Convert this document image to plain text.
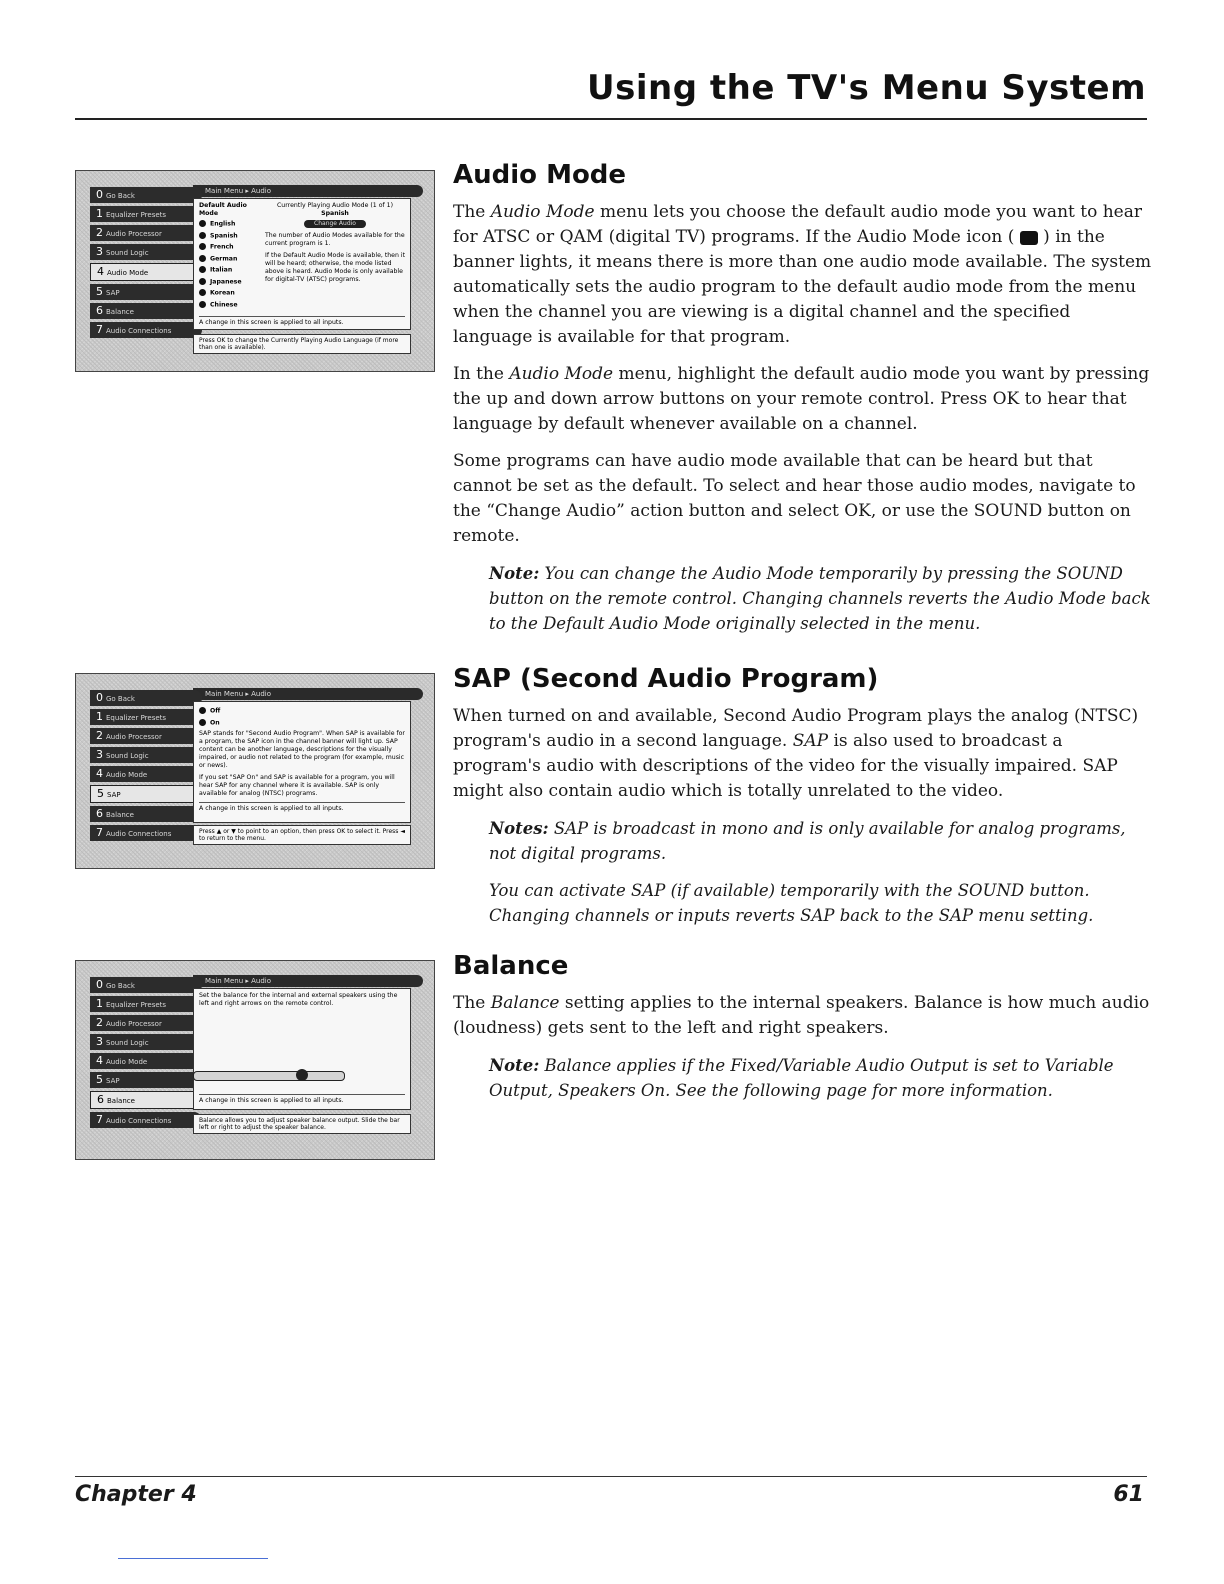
Using the TV's Menu System
Main Menu ▸ Audio
0 Go Back
1 Equalizer Presets
2 Audio Processor
3 Sound Logic
4 Audio Mode
5 SAP
6 Balance
7 Audio Connections
Default Audio Mode
English
Spanish
French
German
Italian
Japanese
Korean
Chinese
Currently Playing Audio Mode (1 of 1)
Spanish
Change Audio
The number of Audio Modes available for the current program is 1.
If the Default Audio Mode is available, then it will be heard; otherwise, the mode listed above is heard. Audio Mode is only available for digital-TV (ATSC) programs.
A change in this screen is applied to all inputs.
Press OK to change the Currently Playing Audio Language (if more than one is available).
Main Menu ▸ Audio
0 Go Back
1 Equalizer Presets
2 Audio Processor
3 Sound Logic
4 Audio Mode
5 SAP
6 Balance
7 Audio Connections
Off
On
SAP stands for "Second Audio Program". When SAP is available for a program, the SAP icon in the channel banner will light up. SAP content can be another language, descriptions for the visually impaired, or audio not related to the program (for example, music or news).
If you set "SAP On" and SAP is available for a program, you will hear SAP for any channel where it is available. SAP is only available for analog (NTSC) programs.
A change in this screen is applied to all inputs.
Press ▲ or ▼ to point to an option, then press OK to select it. Press ◄ to return to the menu.
Main Menu ▸ Audio
0 Go Back
1 Equalizer Presets
2 Audio Processor
3 Sound Logic
4 Audio Mode
5 SAP
6 Balance
7 Audio Connections
Set the balance for the internal and external speakers using the left and right arrows on the remote control.
A change in this screen is applied to all inputs.
Balance allows you to adjust speaker balance output. Slide the bar left or right to adjust the speaker balance.
Audio Mode

The Audio Mode menu lets you choose the default audio mode you want to hear for ATSC or QAM (digital TV) programs. If the Audio Mode icon (  ) in the banner lights, it means there is more than one audio mode available. The system automatically sets the audio program to the default audio mode from the menu when the channel you are viewing is a digital channel and the specified language is available for that program.

In the Audio Mode menu, highlight the default audio mode you want by pressing the up and down arrow buttons on your remote control. Press OK to hear that language by default whenever available on a channel.

Some programs can have audio mode available that can be heard but that cannot be set as the default. To select and hear those audio modes, navigate to the “Change Audio” action button and select OK, or use the SOUND button on remote.

Note: You can change the Audio Mode temporarily by pressing the SOUND button on the remote control. Changing channels reverts the Audio Mode back to the Default Audio Mode originally selected in the menu.

SAP (Second Audio Program)

When turned on and available, Second Audio Program plays the analog (NTSC) program's audio in a second language. SAP is also used to broadcast a program's audio with descriptions of the video for the visually impaired. SAP might also contain audio which is totally unrelated to the video.

Notes: SAP is broadcast in mono and is only available for analog programs, not digital programs.

You can activate SAP (if available) temporarily with the SOUND button. Changing channels or inputs reverts SAP back to the SAP menu setting.

Balance

The Balance setting applies to the internal speakers. Balance is how much audio (loudness) gets sent to the left and right speakers.

Note: Balance applies if the Fixed/Variable Audio Output is set to Variable Output, Speakers On. See the following page for more information.

Chapter 4	61
